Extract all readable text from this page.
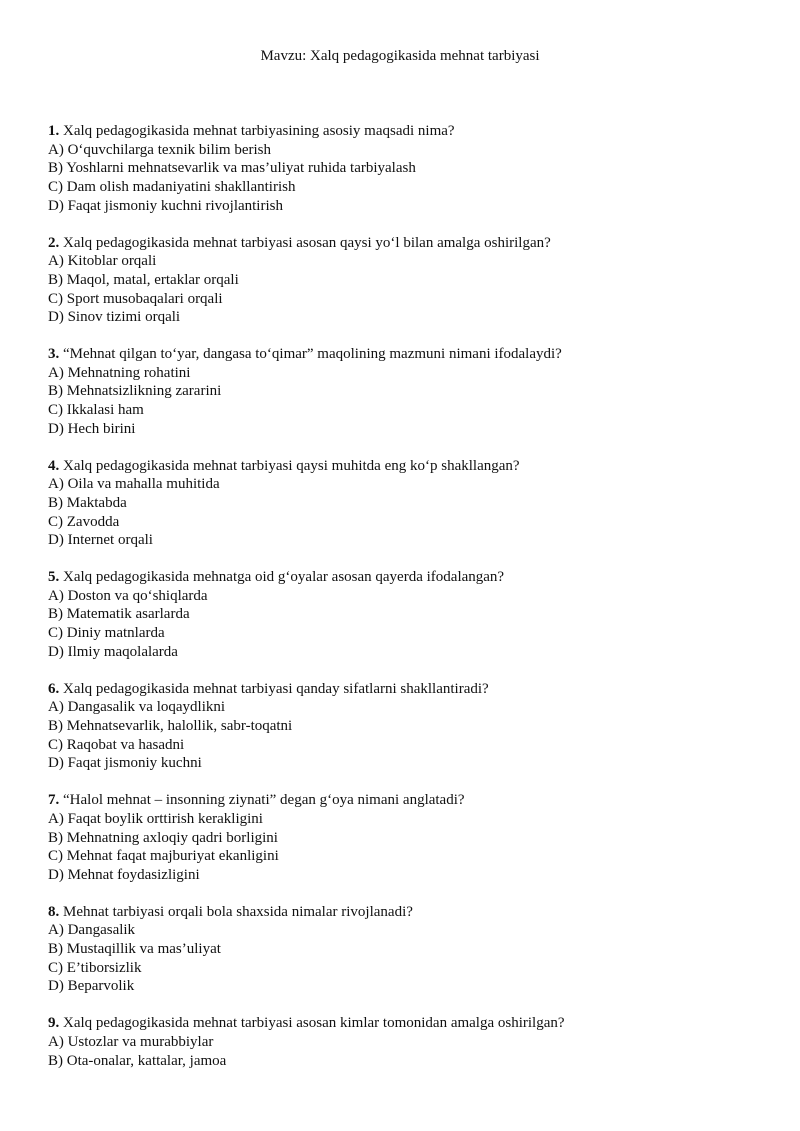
Mavzu: Xalq pedagogikasida mehnat tarbiyasi
1. Xalq pedagogikasida mehnat tarbiyasining asosiy maqsadi nima?
A) O‘quvchilarga texnik bilim berish
B) Yoshlarni mehnatsevarlik va mas’uliyat ruhida tarbiyalash
C) Dam olish madaniyatini shakllantirish
D) Faqat jismoniy kuchni rivojlantirish
2. Xalq pedagogikasida mehnat tarbiyasi asosan qaysi yo‘l bilan amalga oshirilgan?
A) Kitoblar orqali
B) Maqol, matal, ertaklar orqali
C) Sport musobaqalari orqali
D) Sinov tizimi orqali
3. “Mehnat qilgan to‘yar, dangasa to‘qimar” maqolining mazmuni nimani ifodalaydi?
A) Mehnatning rohatini
B) Mehnatsizlikning zararini
C) Ikkalasi ham
D) Hech birini
4. Xalq pedagogikasida mehnat tarbiyasi qaysi muhitda eng ko‘p shakllangan?
A) Oila va mahalla muhitida
B) Maktabda
C) Zavodda
D) Internet orqali
5. Xalq pedagogikasida mehnatga oid g‘oyalar asosan qayerda ifodalangan?
A) Doston va qo‘shiqlarda
B) Matematik asarlarda
C) Diniy matnlarda
D) Ilmiy maqolalarda
6. Xalq pedagogikasida mehnat tarbiyasi qanday sifatlarni shakllantiradi?
A) Dangasalik va loqaydlikni
B) Mehnatsevarlik, halollik, sabr-toqatni
C) Raqobat va hasadni
D) Faqat jismoniy kuchni
7. “Halol mehnat – insonning ziynati” degan g‘oya nimani anglatadi?
A) Faqat boylik orttirish kerakligini
B) Mehnatning axloqiy qadri borligini
C) Mehnat faqat majburiyat ekanligini
D) Mehnat foydasizligini
8. Mehnat tarbiyasi orqali bola shaxsida nimalar rivojlanadi?
A) Dangasalik
B) Mustaqillik va mas’uliyat
C) E’tiborsizlik
D) Beparvolik
9. Xalq pedagogikasida mehnat tarbiyasi asosan kimlar tomonidan amalga oshirilgan?
A) Ustozlar va murabbiylar
B) Ota-onalar, kattalar, jamoa
